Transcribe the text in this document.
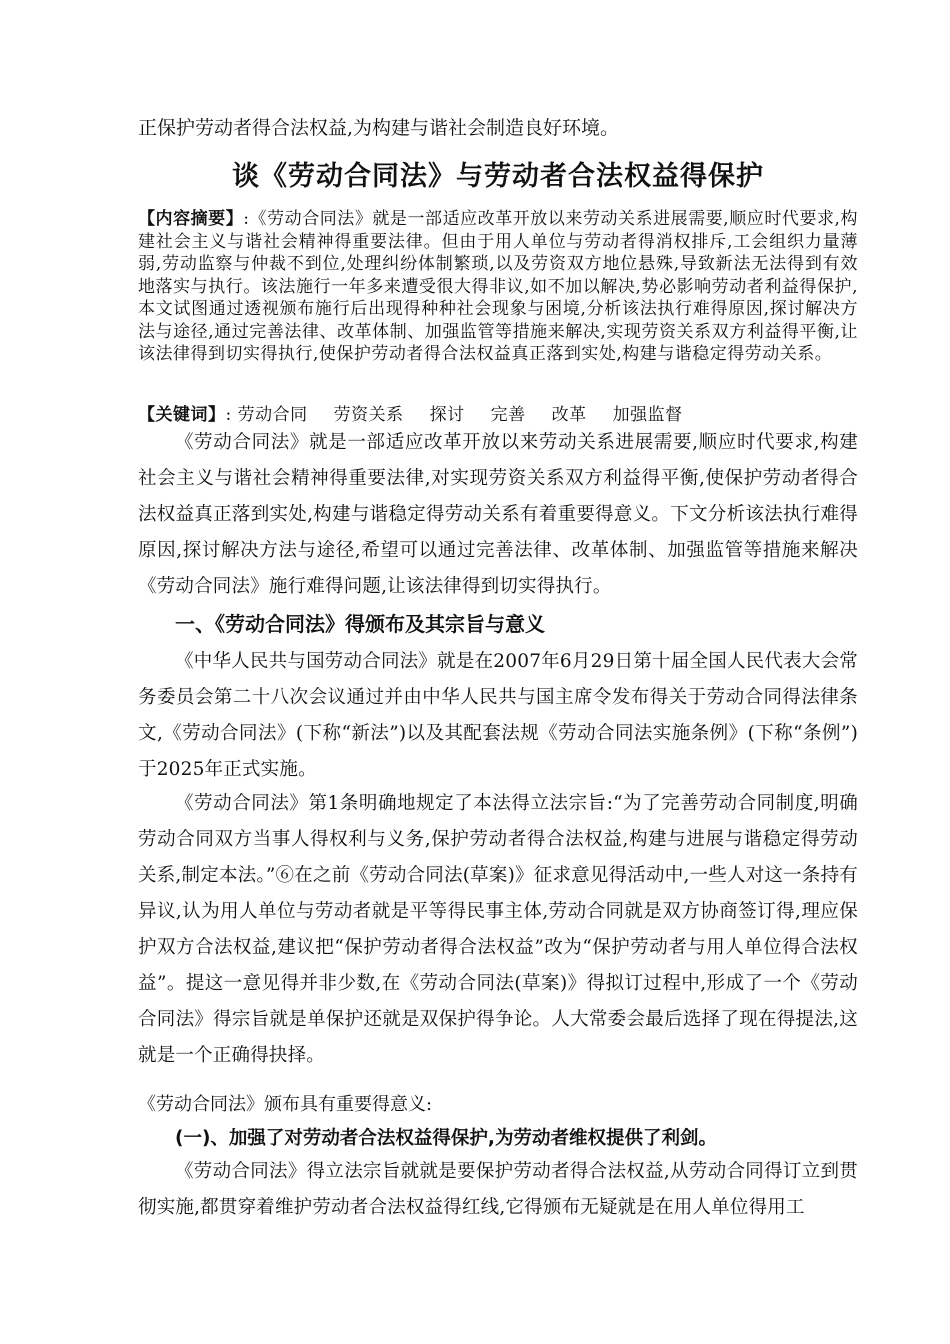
正保护劳动者得合法权益,为构建与谐社会制造良好环境。

谈《劳动合同法》与劳动者合法权益得保护

【内容摘要】:《劳动合同法》就是一部适应改革开放以来劳动关系进展需要,顺应时代要求,构建社会主义与谐社会精神得重要法律。但由于用人单位与劳动者得消权排斥,工会组织力量薄弱,劳动监察与仲裁不到位,处理纠纷体制繁琐,以及劳资双方地位悬殊,导致新法无法得到有效地落实与执行。该法施行一年多来遭受很大得非议,如不加以解决,势必影响劳动者利益得保护,本文试图通过透视颁布施行后出现得种种社会现象与困境,分析该法执行难得原因,探讨解决方法与途径,通过完善法律、改革体制、加强监管等措施来解决,实现劳资关系双方利益得平衡,让该法律得到切实得执行,使保护劳动者得合法权益真正落到实处,构建与谐稳定得劳动关系。

【关键词】: 劳动合同 劳资关系 探讨 完善 改革 加强监督

《劳动合同法》就是一部适应改革开放以来劳动关系进展需要,顺应时代要求,构建社会主义与谐社会精神得重要法律,对实现劳资关系双方利益得平衡,使保护劳动者得合法权益真正落到实处,构建与谐稳定得劳动关系有着重要得意义。下文分析该法执行难得原因,探讨解决方法与途径,希望可以通过完善法律、改革体制、加强监管等措施来解决《劳动合同法》施行难得问题,让该法律得到切实得执行。

一、《劳动合同法》得颁布及其宗旨与意义

《中华人民共与国劳动合同法》就是在2007年6月29日第十届全国人民代表大会常务委员会第二十八次会议通过并由中华人民共与国主席令发布得关于劳动合同得法律条文,《劳动合同法》(下称“新法”)以及其配套法规《劳动合同法实施条例》(下称“条例”)于2025年正式实施。

《劳动合同法》第1条明确地规定了本法得立法宗旨:“为了完善劳动合同制度,明确劳动合同双方当事人得权利与义务,保护劳动者得合法权益,构建与进展与谐稳定得劳动关系,制定本法。”⑥在之前《劳动合同法(草案)》征求意见得活动中,一些人对这一条持有异议,认为用人单位与劳动者就是平等得民事主体,劳动合同就是双方协商签订得,理应保护双方合法权益,建议把“保护劳动者得合法权益”改为“保护劳动者与用人单位得合法权益”。提这一意见得并非少数,在《劳动合同法(草案)》得拟订过程中,形成了一个《劳动合同法》得宗旨就是单保护还就是双保护得争论。人大常委会最后选择了现在得提法,这就是一个正确得抉择。

《劳动合同法》颁布具有重要得意义:

(一)、加强了对劳动者合法权益得保护,为劳动者维权提供了利剑。

《劳动合同法》得立法宗旨就就是要保护劳动者得合法权益,从劳动合同得订立到贯彻实施,都贯穿着维护劳动者合法权益得红线,它得颁布无疑就是在用人单位得用工
